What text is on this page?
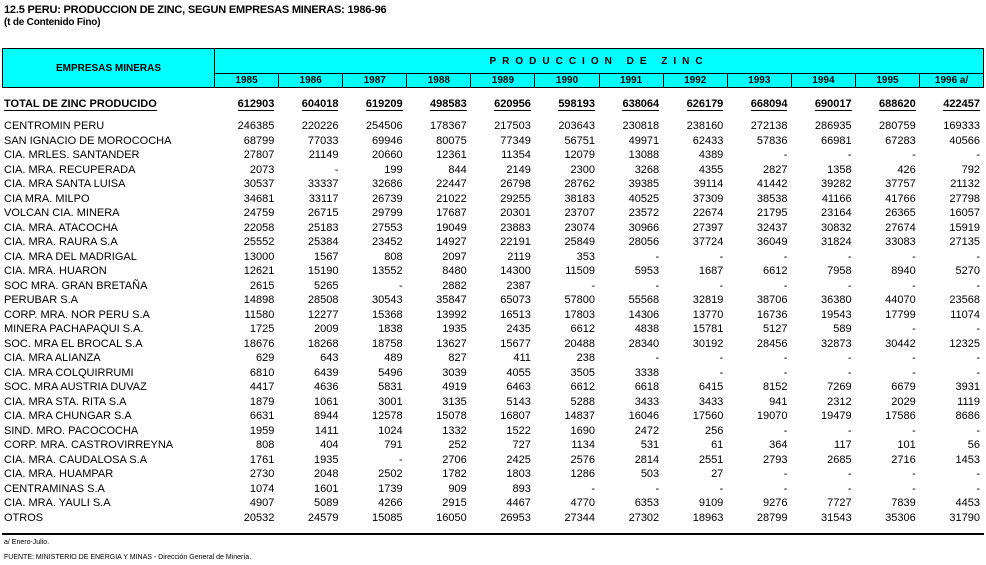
12.5 PERU: PRODUCCION DE ZINC, SEGUN EMPRESAS MINERAS: 1986-96
(t de Contenido Fino)
EMPRESAS MINERAS	PRODUCCION DE ZINC											
	1985	1986	1987	1988	1989	1990	1991	1992	1993	1994	1995	1996 a/
TOTAL DE ZINC PRODUCIDO	612903	604018	619209	498583	620956	598193	638064	626179	668094	690017	688620	422457

CENTROMIN PERU	246385	220226	254506	178367	217503	203643	230818	238160	272138	286935	280759	169333
SAN IGNACIO DE MOROCOCHA	68799	77033	69946	80075	77349	56751	49971	62433	57836	66981	67283	40566
CIA. MRLES. SANTANDER	27807	21149	20660	12361	11354	12079	13088	4389	-	-	-	-
CIA. MRA. RECUPERADA	2073	-	199	844	2149	2300	3268	4355	2827	1358	426	792
CIA. MRA SANTA LUISA	30537	33337	32686	22447	26798	28762	39385	39114	41442	39282	37757	21132
CIA MRA. MILPO	34681	33117	26739	21022	29255	38183	40525	37309	38538	41166	41766	27798
VOLCAN CIA. MINERA	24759	26715	29799	17687	20301	23707	23572	22674	21795	23164	26365	16057
CIA. MRA. ATACOCHA	22058	25183	27553	19049	23883	23074	30966	27397	32437	30832	27674	15919
CIA. MRA. RAURA S.A	25552	25384	23452	14927	22191	25849	28056	37724	36049	31824	33083	27135
CIA. MRA DEL MADRIGAL	13000	1567	808	2097	2119	353	-	-	-	-	-	-
CIA. MRA. HUARON	12621	15190	13552	8480	14300	11509	5953	1687	6612	7958	8940	5270
SOC MRA. GRAN BRETAÑA	2615	5265	-	2882	2387	-	-	-	-	-	-	-
PERUBAR S.A	14898	28508	30543	35847	65073	57800	55568	32819	38706	36380	44070	23568
CORP. MRA. NOR PERU S.A	11580	12277	15368	13992	16513	17803	14306	13770	16736	19543	17799	11074
MINERA PACHAPAQUI S.A.	1725	2009	1838	1935	2435	6612	4838	15781	5127	589	-	-
SOC. MRA EL BROCAL S.A	18676	18268	18758	13627	15677	20488	28340	30192	28456	32873	30442	12325
CIA. MRA ALIANZA	629	643	489	827	411	238	-	-	-	-	-	-
CIA. MRA COLQUIRRUMI	6810	6439	5496	3039	4055	3505	3338	-	-	-	-	-
SOC. MRA AUSTRIA DUVAZ	4417	4636	5831	4919	6463	6612	6618	6415	8152	7269	6679	3931
CIA. MRA STA. RITA S.A	1879	1061	3001	3135	5143	5288	3433	3433	941	2312	2029	1119
CIA. MRA CHUNGAR S.A	6631	8944	12578	15078	16807	14837	16046	17560	19070	19479	17586	8686
SIND. MRO. PACOCOCHA	1959	1411	1024	1332	1522	1690	2472	256	-	-	-	-
CORP. MRA. CASTROVIRREYNA	808	404	791	252	727	1134	531	61	364	117	101	56
CIA. MRA. CAUDALOSA S.A	1761	1935	-	2706	2425	2576	2814	2551	2793	2685	2716	1453
CIA. MRA. HUAMPAR	2730	2048	2502	1782	1803	1286	503	27	-	-	-	-
CENTRAMINAS S.A	1074	1601	1739	909	893	-	-	-	-	-	-	-
CIA. MRA. YAULI S.A	4907	5089	4266	2915	4467	4770	6353	9109	9276	7727	7839	4453
OTROS	20532	24579	15085	16050	26953	27344	27302	18963	28799	31543	35306	31790
a/ Enero-Julio.
FUENTE: MINISTERIO DE ENERGIA Y MINAS - Dirección General de Minería.
